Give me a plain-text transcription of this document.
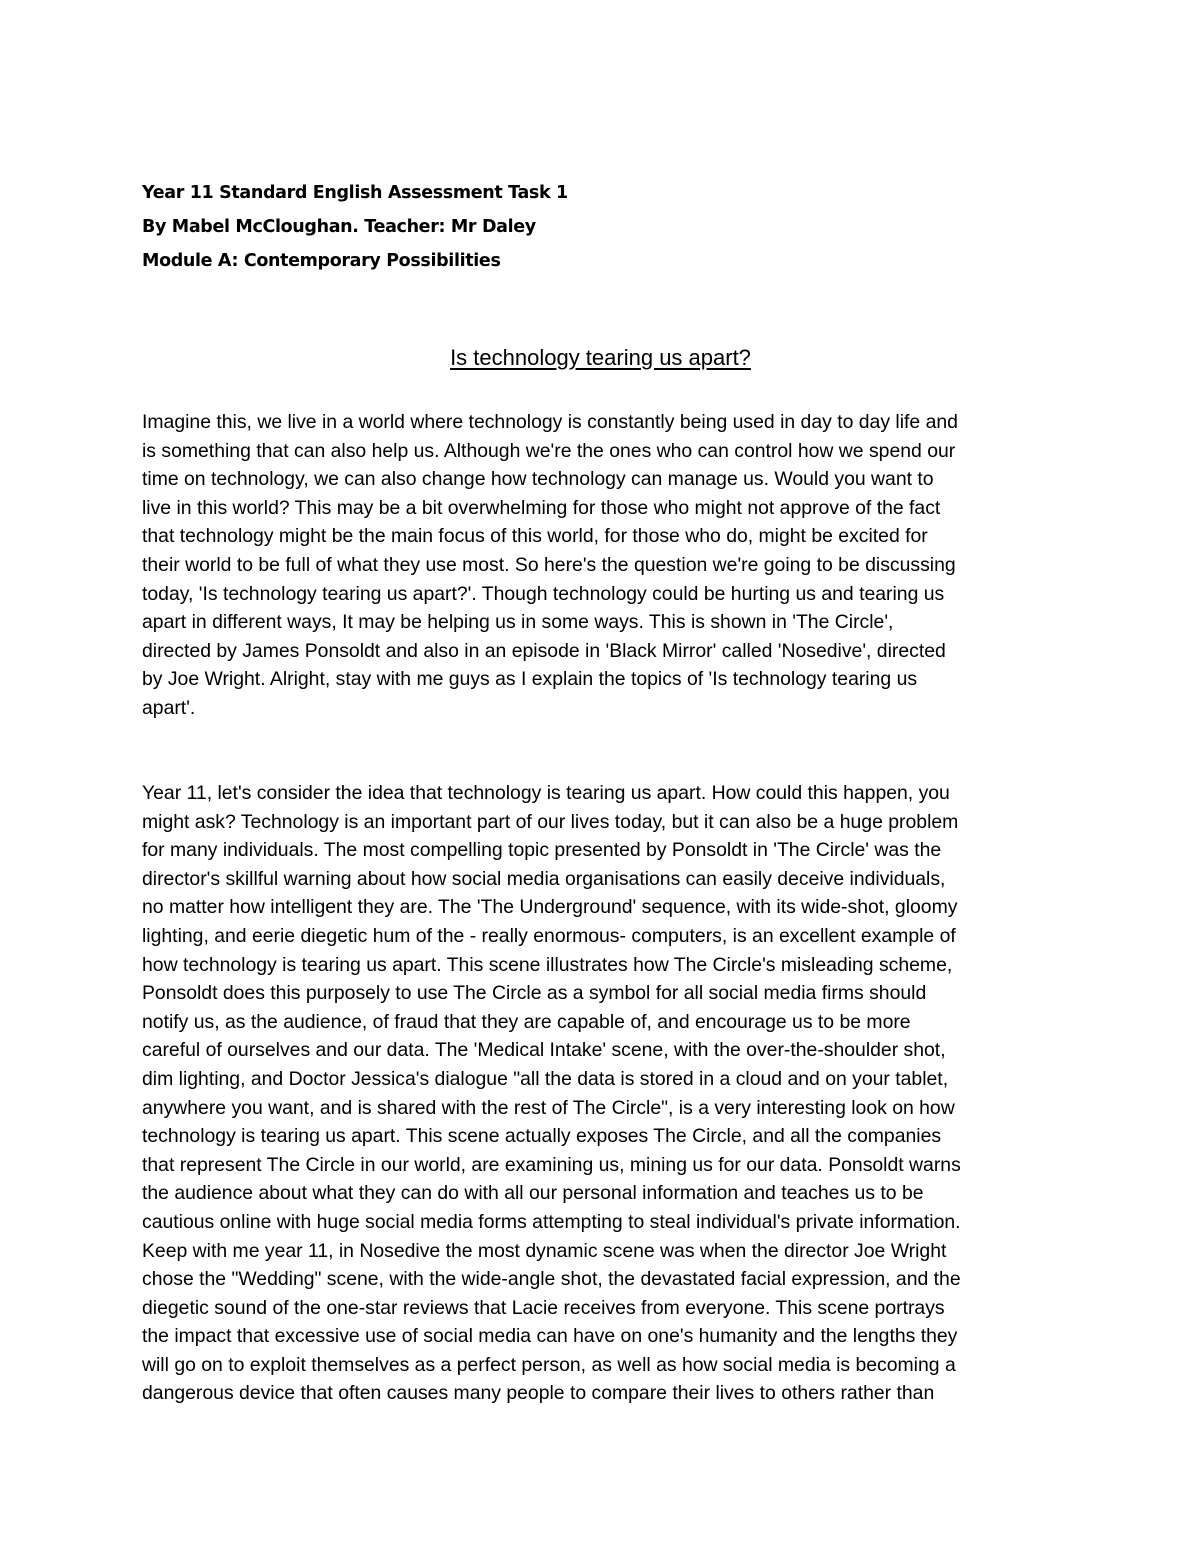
Year 11 Standard English Assessment Task 1
By Mabel McCloughan. Teacher: Mr Daley
Module A: Contemporary Possibilities
Is technology tearing us apart?
Imagine this, we live in a world where technology is constantly being used in day to day life and
is something that can also help us. Although we're the ones who can control how we spend our
time on technology, we can also change how technology can manage us. Would you want to
live in this world? This may be a bit overwhelming for those who might not approve of the fact
that technology might be the main focus of this world, for those who do, might be excited for
their world to be full of what they use most. So here's the question we're going to be discussing
today, 'Is technology tearing us apart?'. Though technology could be hurting us and tearing us
apart in different ways, It may be helping us in some ways. This is shown in 'The Circle',
directed by James Ponsoldt and also in an episode in 'Black Mirror' called 'Nosedive', directed
by Joe Wright. Alright, stay with me guys as I explain the topics of 'Is technology tearing us
apart'.
Year 11, let's consider the idea that technology is tearing us apart. How could this happen, you
might ask? Technology is an important part of our lives today, but it can also be a huge problem
for many individuals. The most compelling topic presented by Ponsoldt in 'The Circle' was the
director's skillful warning about how social media organisations can easily deceive individuals,
no matter how intelligent they are. The 'The Underground' sequence, with its wide-shot, gloomy
lighting, and eerie diegetic hum of the - really enormous- computers, is an excellent example of
how technology is tearing us apart. This scene illustrates how The Circle's misleading scheme,
Ponsoldt does this purposely to use The Circle as a symbol for all social media firms should
notify us, as the audience, of fraud that they are capable of, and encourage us to be more
careful of ourselves and our data. The 'Medical Intake' scene, with the over-the-shoulder shot,
dim lighting, and Doctor Jessica's dialogue "all the data is stored in a cloud and on your tablet,
anywhere you want, and is shared with the rest of The Circle", is a very interesting look on how
technology is tearing us apart. This scene actually exposes The Circle, and all the companies
that represent The Circle in our world, are examining us, mining us for our data. Ponsoldt warns
the audience about what they can do with all our personal information and teaches us to be
cautious online with huge social media forms attempting to steal individual's private information.
Keep with me year 11, in Nosedive the most dynamic scene was when the director Joe Wright
chose the "Wedding" scene, with the wide-angle shot, the devastated facial expression, and the
diegetic sound of the one-star reviews that Lacie receives from everyone. This scene portrays
the impact that excessive use of social media can have on one's humanity and the lengths they
will go on to exploit themselves as a perfect person, as well as how social media is becoming a
dangerous device that often causes many people to compare their lives to others rather than
